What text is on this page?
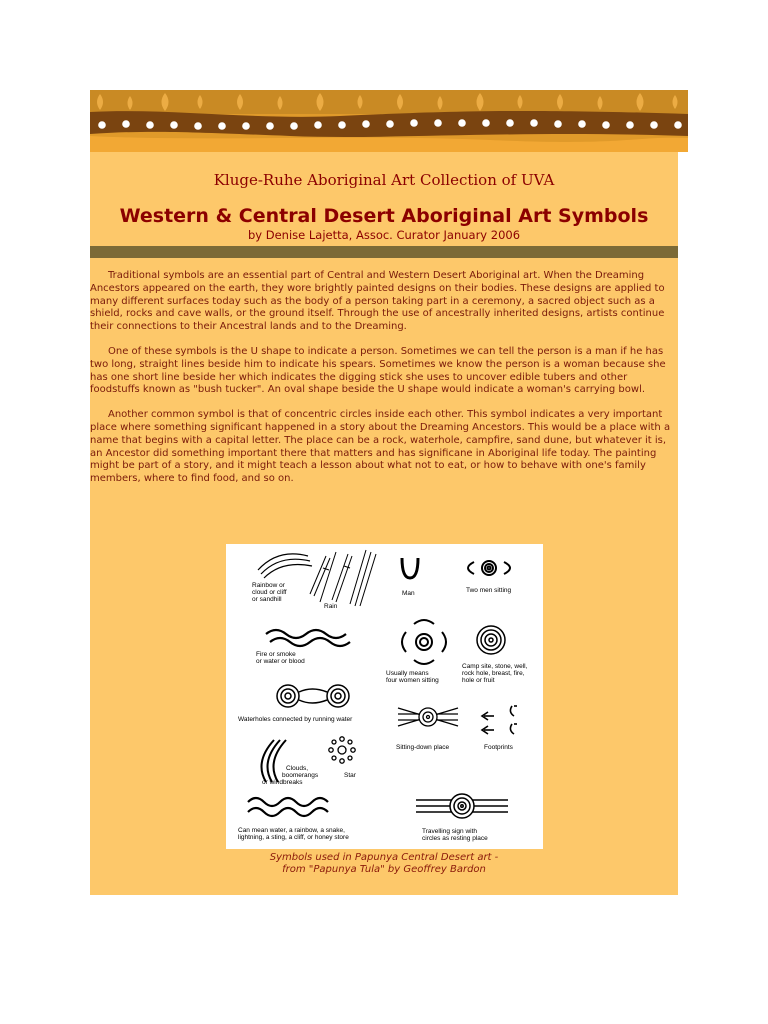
Kluge-Ruhe Aboriginal Art Collection of UVA

Western & Central Desert Aboriginal Art Symbols

by Denise Lajetta, Assoc. Curator January 2006

Traditional symbols are an essential part of Central and Western Desert Aboriginal art. When the Dreaming Ancestors appeared on the earth, they wore brightly painted designs on their bodies. These designs are applied to many different surfaces today such as the body of a person taking part in a ceremony, a sacred object such as a shield, rocks and cave walls, or the ground itself. Through the use of ancestrally inherited designs, artists continue their connections to their Ancestral lands and to the Dreaming.

One of these symbols is the U shape to indicate a person. Sometimes we can tell the person is a man if he has two long, straight lines beside him to indicate his spears. Sometimes we know the person is a woman because she has one short line beside her which indicates the digging stick she uses to uncover edible tubers and other foodstuffs known as "bush tucker". An oval shape beside the U shape would indicate a woman's carrying bowl.

Another common symbol is that of concentric circles inside each other. This symbol indicates a very important place where something significant happened in a story about the Dreaming Ancestors. This would be a place with a name that begins with a capital letter. The place can be a rock, waterhole, campfire, sand dune, but whatever it is, an Ancestor did something important there that matters and has significane in Aboriginal life today. The painting might be part of a story, and it might teach a lesson about what not to eat, or how to behave with one's family members, where to find food, and so on.

Rainbow or
cloud or cliff
or sandhill
Rain
Man	Two men sitting
Fire or smoke
or water or blood
Usually means
four women sitting
Camp site, stone, well,
rock hole, breast, fire,
hole or fruit
Waterholes connected by running water
Sitting-down place	Footprints
Clouds,
boomerangs
or windbreaks
Star
Can mean water, a rainbow, a snake,
lightning, a sting, a cliff, or honey store
Travelling sign with
circles as resting place
Symbols used in Papunya Central Desert art -
from "Papunya Tula" by Geoffrey Bardon
